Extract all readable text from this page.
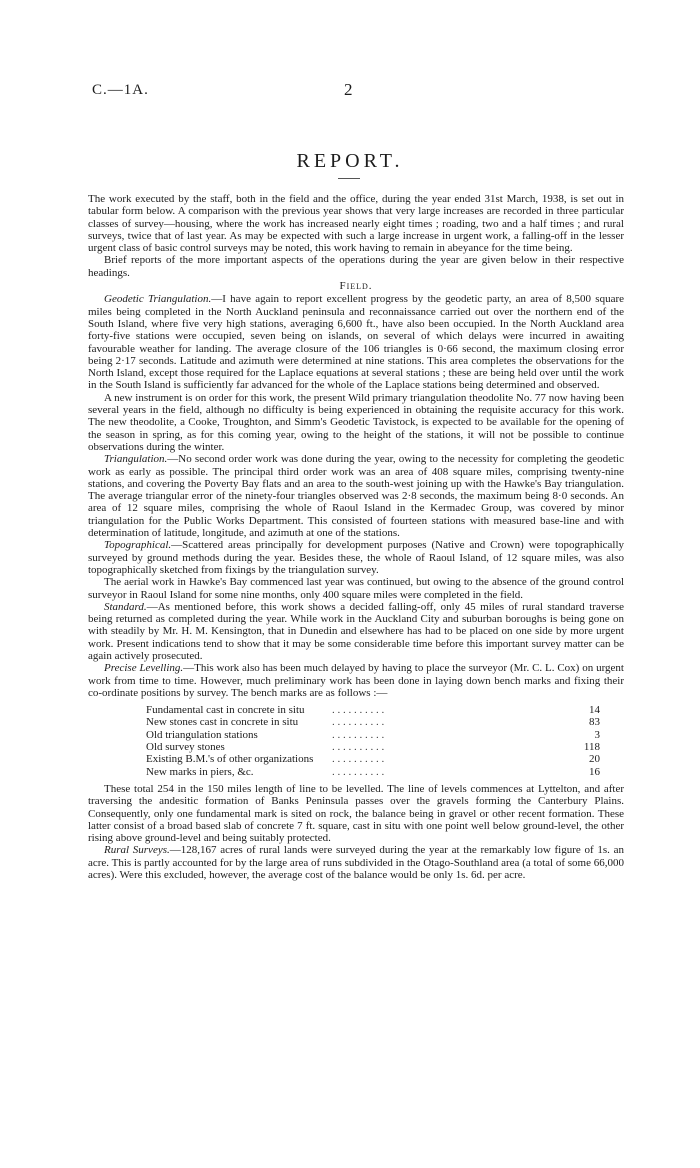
C.—1A.	2
REPORT.

The work executed by the staff, both in the field and the office, during the year ended 31st March, 1938, is set out in tabular form below. A comparison with the previous year shows that very large increases are recorded in three particular classes of survey—housing, where the work has increased nearly eight times ; roading, two and a half times ; and rural surveys, twice that of last year. As may be expected with such a large increase in urgent work, a falling-off in the lesser urgent class of basic control surveys may be noted, this work having to remain in abeyance for the time being.

Brief reports of the more important aspects of the operations during the year are given below in their respective headings.

Field.

Geodetic Triangulation.—I have again to report excellent progress by the geodetic party, an area of 8,500 square miles being completed in the North Auckland peninsula and reconnaissance carried out over the northern end of the South Island, where five very high stations, averaging 6,600 ft., have also been occupied. In the North Auckland area forty-five stations were occupied, seven being on islands, on several of which delays were incurred in awaiting favourable weather for landing. The average closure of the 106 triangles is 0·66 second, the maximum closing error being 2·17 seconds. Latitude and azimuth were determined at nine stations. This area completes the observations for the North Island, except those required for the Laplace equations at several stations ; these are being held over until the work in the South Island is sufficiently far advanced for the whole of the Laplace stations being determined and observed.

A new instrument is on order for this work, the present Wild primary triangulation theodolite No. 77 now having been several years in the field, although no difficulty is being experienced in obtaining the requisite accuracy for this work. The new theodolite, a Cooke, Troughton, and Simm's Geodetic Tavistock, is expected to be available for the opening of the season in spring, as for this coming year, owing to the height of the stations, it will not be possible to continue observations during the winter.

Triangulation.—No second order work was done during the year, owing to the necessity for completing the geodetic work as early as possible. The principal third order work was an area of 408 square miles, comprising twenty-nine stations, and covering the Poverty Bay flats and an area to the south-west joining up with the Hawke's Bay triangulation. The average triangular error of the ninety-four triangles observed was 2·8 seconds, the maximum being 8·0 seconds. An area of 12 square miles, comprising the whole of Raoul Island in the Kermadec Group, was covered by minor triangulation for the Public Works Department. This consisted of fourteen stations with measured base-line and with determination of latitude, longitude, and azimuth at one of the stations.

Topographical.—Scattered areas principally for development purposes (Native and Crown) were topographically surveyed by ground methods during the year. Besides these, the whole of Raoul Island, of 12 square miles, was also topographically sketched from fixings by the triangulation survey.

The aerial work in Hawke's Bay commenced last year was continued, but owing to the absence of the ground control surveyor in Raoul Island for some nine months, only 400 square miles were completed in the field.

Standard.—As mentioned before, this work shows a decided falling-off, only 45 miles of rural standard traverse being returned as completed during the year. While work in the Auckland City and suburban boroughs is being gone on with steadily by Mr. H. M. Kensington, that in Dunedin and elsewhere has had to be placed on one side by more urgent work. Present indications tend to show that it may be some considerable time before this important survey matter can be again actively prosecuted.

Precise Levelling.—This work also has been much delayed by having to place the surveyor (Mr. C. L. Cox) on urgent work from time to time. However, much preliminary work has been done in laying down bench marks and fixing their co-ordinate positions by survey. The bench marks are as follows :—

Fundamental cast in concrete in situ	. . . . . . . . . .	14
New stones cast in concrete in situ	. . . . . . . . . .	83
Old triangulation stations	. . . . . . . . . .	3
Old survey stones	. . . . . . . . . .	118
Existing B.M.'s of other organizations	. . . . . . . . . .	20
New marks in piers, &c.	. . . . . . . . . .	16

These total 254 in the 150 miles length of line to be levelled. The line of levels commences at Lyttelton, and after traversing the andesitic formation of Banks Peninsula passes over the gravels forming the Canterbury Plains. Consequently, only one fundamental mark is sited on rock, the balance being in gravel or other recent formation. These latter consist of a broad based slab of concrete 7 ft. square, cast in situ with one point well below ground-level, the other rising above ground-level and being suitably protected.

Rural Surveys.—128,167 acres of rural lands were surveyed during the year at the remarkably low figure of 1s. an acre. This is partly accounted for by the large area of runs subdivided in the Otago-Southland area (a total of some 66,000 acres). Were this excluded, however, the average cost of the balance would be only 1s. 6d. per acre.
